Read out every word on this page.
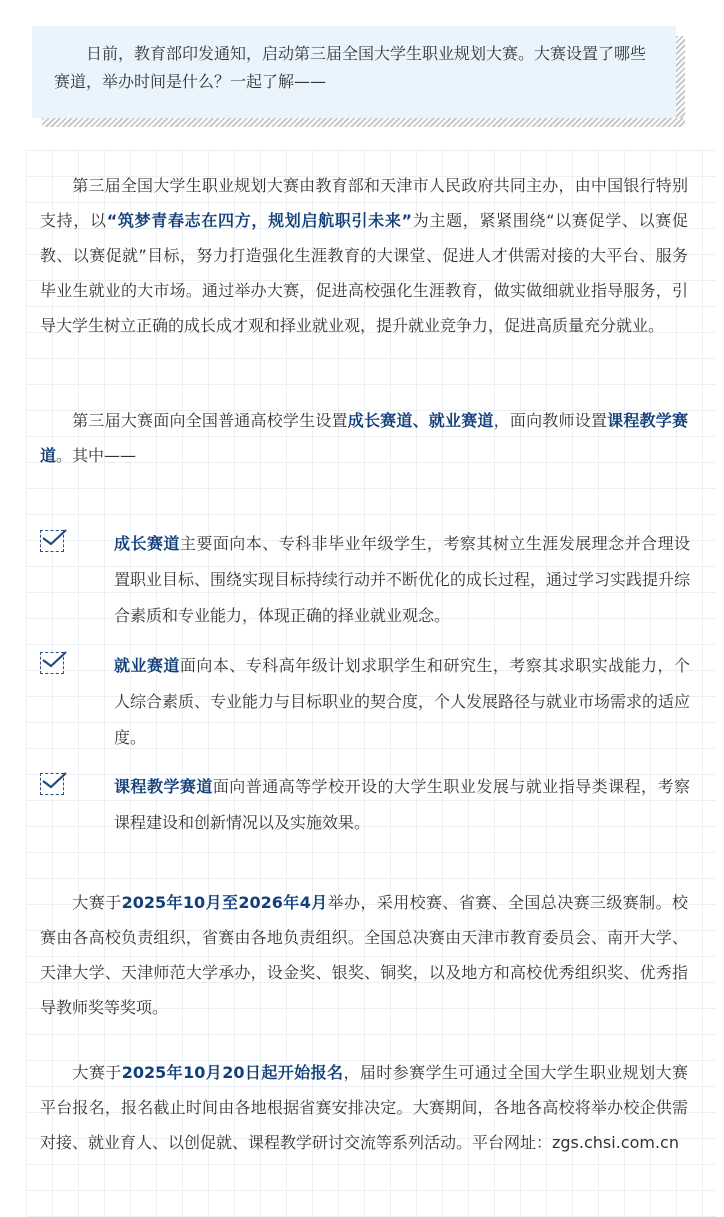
日前，教育部印发通知，启动第三届全国大学生职业规划大赛。大赛设置了哪些赛道，举办时间是什么？一起了解——
第三届全国大学生职业规划大赛由教育部和天津市人民政府共同主办，由中国银行特别支持，以“筑梦青春志在四方，规划启航职引未来”为主题，紧紧围绕“以赛促学、以赛促教、以赛促就”目标，努力打造强化生涯教育的大课堂、促进人才供需对接的大平台、服务毕业生就业的大市场。通过举办大赛，促进高校强化生涯教育，做实做细就业指导服务，引导大学生树立正确的成长成才观和择业就业观，提升就业竞争力，促进高质量充分就业。
第三届大赛面向全国普通高校学生设置成长赛道、就业赛道，面向教师设置课程教学赛道。其中——
成长赛道主要面向本、专科非毕业年级学生，考察其树立生涯发展理念并合理设置职业目标、围绕实现目标持续行动并不断优化的成长过程，通过学习实践提升综合素质和专业能力，体现正确的择业就业观念。
就业赛道面向本、专科高年级计划求职学生和研究生，考察其求职实战能力，个人综合素质、专业能力与目标职业的契合度，个人发展路径与就业市场需求的适应度。
课程教学赛道面向普通高等学校开设的大学生职业发展与就业指导类课程，考察课程建设和创新情况以及实施效果。
大赛于2025年10月至2026年4月举办，采用校赛、省赛、全国总决赛三级赛制。校赛由各高校负责组织，省赛由各地负责组织。全国总决赛由天津市教育委员会、南开大学、天津大学、天津师范大学承办，设金奖、银奖、铜奖，以及地方和高校优秀组织奖、优秀指导教师奖等奖项。
大赛于2025年10月20日起开始报名，届时参赛学生可通过全国大学生职业规划大赛平台报名，报名截止时间由各地根据省赛安排决定。大赛期间，各地各高校将举办校企供需对接、就业育人、以创促就、课程教学研讨交流等系列活动。平台网址：zgs.chsi.com.cn
